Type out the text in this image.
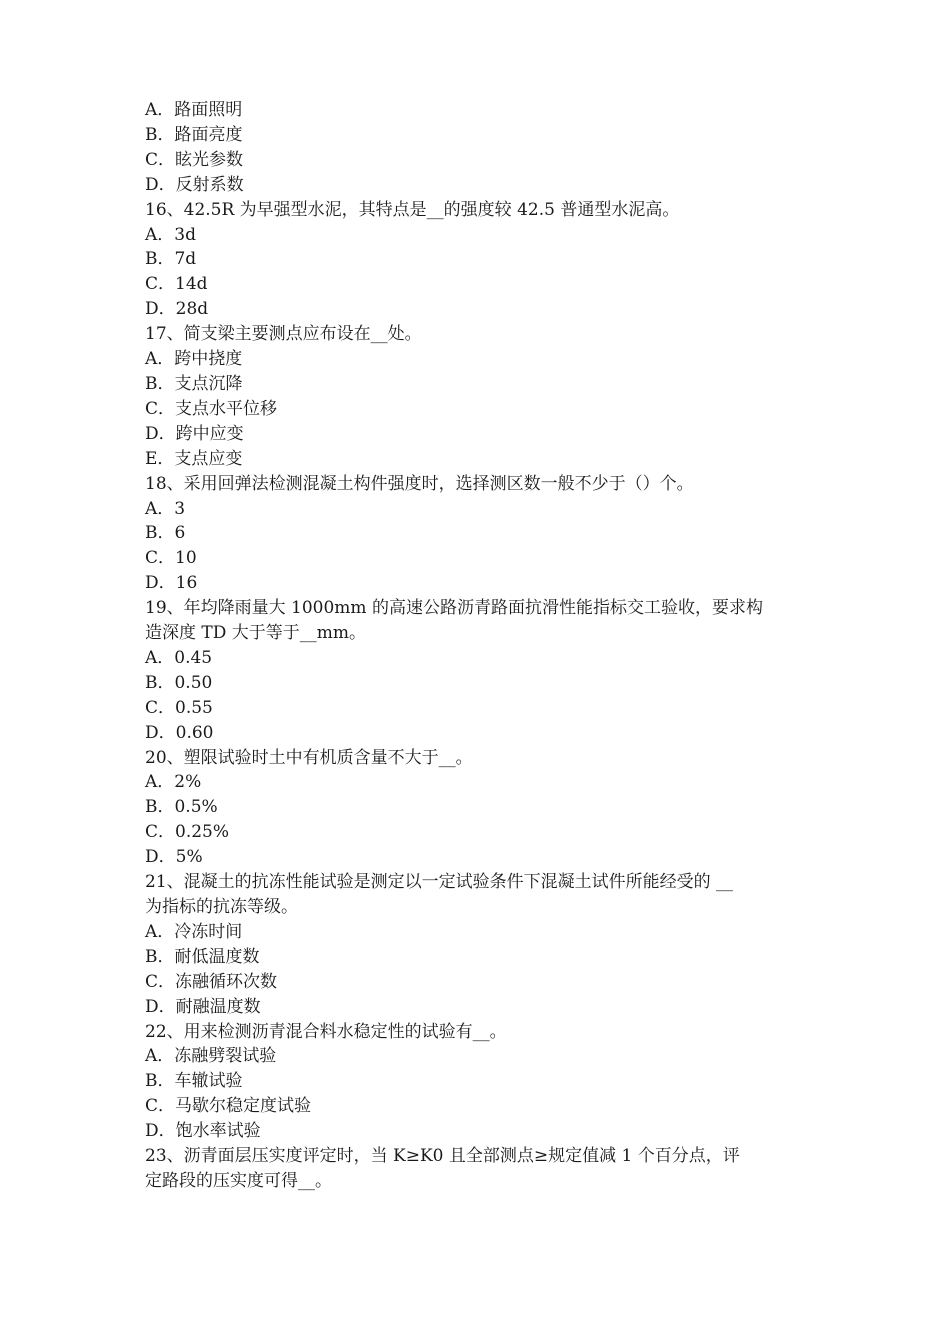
A．路面照明
B．路面亮度
C．眩光参数
D．反射系数
16、42.5R 为早强型水泥，其特点是__的强度较 42.5 普通型水泥高。
A．3d
B．7d
C．14d
D．28d
17、简支梁主要测点应布设在__处。
A．跨中挠度
B．支点沉降
C．支点水平位移
D．跨中应变
E．支点应变
18、采用回弹法检测混凝土构件强度时，选择测区数一般不少于（）个。
A．3
B．6
C．10
D．16
19、年均降雨量大 1000mm 的高速公路沥青路面抗滑性能指标交工验收，要求构
造深度 TD 大于等于__mm。
A．0.45
B．0.50
C．0.55
D．0.60
20、塑限试验时土中有机质含量不大于__。
A．2%
B．0.5%
C．0.25%
D．5%
21、混凝土的抗冻性能试验是测定以一定试验条件下混凝土试件所能经受的 __
为指标的抗冻等级。
A．冷冻时间
B．耐低温度数
C．冻融循环次数
D．耐融温度数
22、用来检测沥青混合料水稳定性的试验有__。
A．冻融劈裂试验
B．车辙试验
C．马歇尔稳定度试验
D．饱水率试验
23、沥青面层压实度评定时，当 K≥K0 且全部测点≥规定值减 1 个百分点，评
定路段的压实度可得__。
